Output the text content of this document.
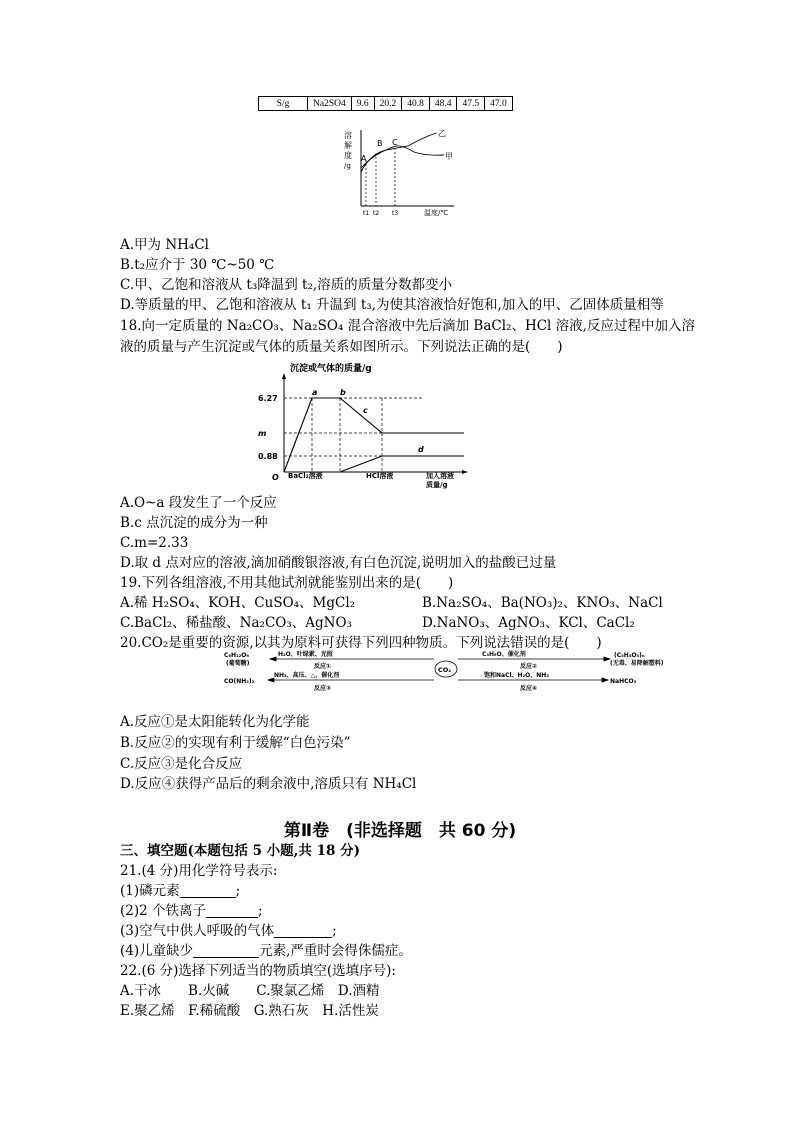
S/g	Na2SO4	9.6	20.2	40.8	48.4	47.5	47.0
溶
解
度
/g
A
B C
乙
甲
t1 t2 t3	温度/℃
A.甲为 NH₄Cl
B.t₂应介于 30 ℃~50 ℃
C.甲、乙饱和溶液从 t₃降温到 t₂,溶质的质量分数都变小
D.等质量的甲、乙饱和溶液从 t₁ 升温到 t₃,为使其溶液恰好饱和,加入的甲、乙固体质量相等
18.向一定质量的 Na₂CO₃、Na₂SO₄ 混合溶液中先后滴加 BaCl₂、HCl 溶液,反应过程中加入溶
液的质量与产生沉淀或气体的质量关系如图所示。下列说法正确的是(　　)
沉淀或气体的质量/g
6.27
m
0.88
a	b
c
d
O BaCl₂溶液	HCl溶液	加入溶液 质量/g
A.O~a 段发生了一个反应
B.c 点沉淀的成分为一种
C.m=2.33
D.取 d 点对应的溶液,滴加硝酸银溶液,有白色沉淀,说明加入的盐酸已过量
19.下列各组溶液,不用其他试剂就能鉴别出来的是(　　)
A.稀 H₂SO₄、KOH、CuSO₄、MgCl₂	B.Na₂SO₄、Ba(NO₃)₂、KNO₃、NaCl
C.BaCl₂、稀盐酸、Na₂CO₃、AgNO₃	D.NaNO₃、AgNO₃、KCl、CaCl₂
20.CO₂是重要的资源,以其为原料可获得下列四种物质。下列说法错误的是(　　)
C₆H₁₂O₆
(葡萄糖)
CO(NH₂)₂
(C₃H₄O₃)ₙ
(无毒、易降解塑料)
NaHCO₃
H₂O、叶绿素、光照	C₃H₆O、催化剂
NH₃、高压、△、催化剂	饱和NaCl、H₂O、NH₃
反应①	反应②
反应③	反应④
CO₂
A.反应①是太阳能转化为化学能
B.反应②的实现有利于缓解“白色污染”
C.反应③是化合反应
D.反应④获得产品后的剩余液中,溶质只有 NH₄Cl
第Ⅱ卷　(非选择题　共 60 分)
三、填空题(本题包括 5 小题,共 18 分)
21.(4 分)用化学符号表示:
(1)磷元素	;
(2)2 个铁离子	;
(3)空气中供人呼吸的气体	;
(4)儿童缺少	元素,严重时会得侏儒症。
22.(6 分)选择下列适当的物质填空(选填序号):
A.干冰　　B.火碱　　C.聚氯乙烯　D.酒精
E.聚乙烯　F.稀硫酸　G.熟石灰　H.活性炭
